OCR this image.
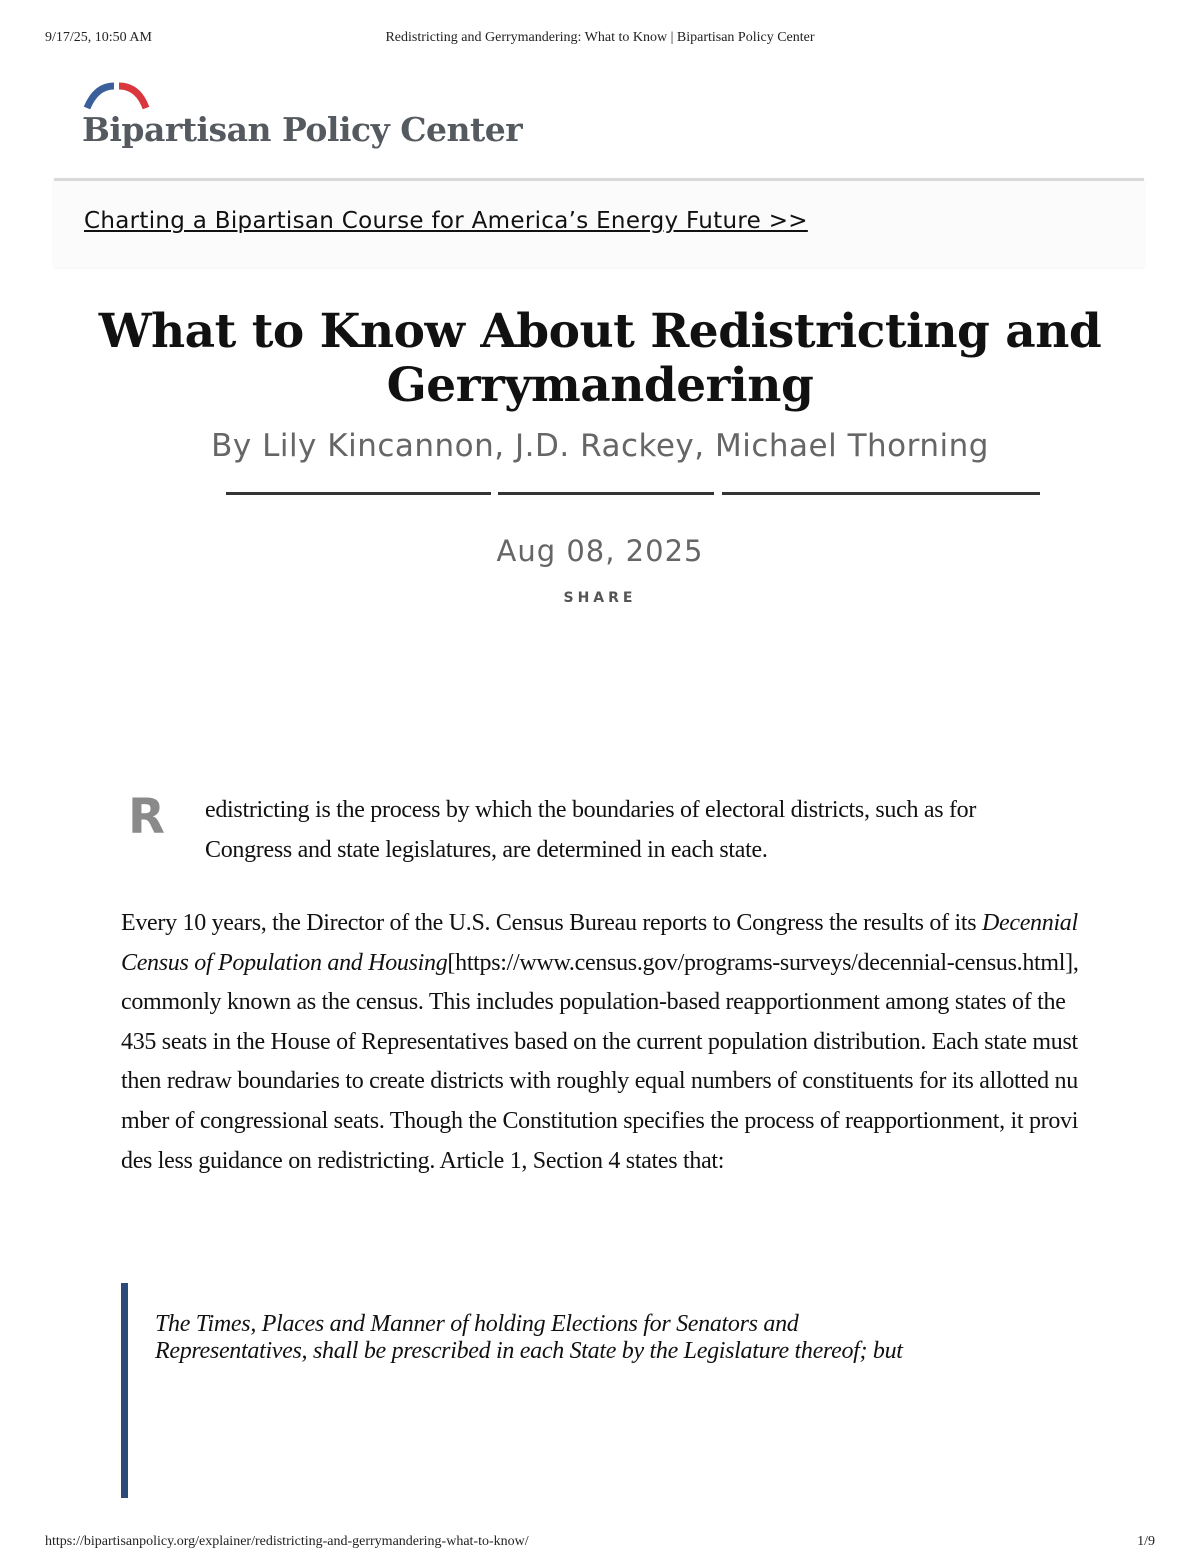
9/17/25, 10:50 AM	Redistricting and Gerrymandering: What to Know | Bipartisan Policy Center
Bipartisan Policy Center
Charting a Bipartisan Course for America’s Energy Future >>
What to Know About Redistricting and Gerrymandering
By Lily Kincannon, J.D. Rackey, Michael Thorning
Aug 08, 2025
SHARE
R edistricting is the process by which the boundaries of electoral districts, such as for Congress and state legislatures, are determined in each state.

Every 10 years, the Director of the U.S. Census Bureau reports to Congress the results of its Decennial Census of Population and Housing[https://www.census.gov/programs-surveys/decennial-census.html], commonly known as the census. This includes population-based reapportionment among states of the 435 seats in the House of Representatives based on the current population distribution. Each state must then redraw boundaries to create districts with roughly equal numbers of constituents for its allotted number of congressional seats. Though the Constitution specifies the process of reapportionment, it provides less guidance on redistricting. Article 1, Section 4 states that:

The Times, Places and Manner of holding Elections for Senators and
Representatives, shall be prescribed in each State by the Legislature thereof; but

https://bipartisanpolicy.org/explainer/redistricting-and-gerrymandering-what-to-know/	1/9
